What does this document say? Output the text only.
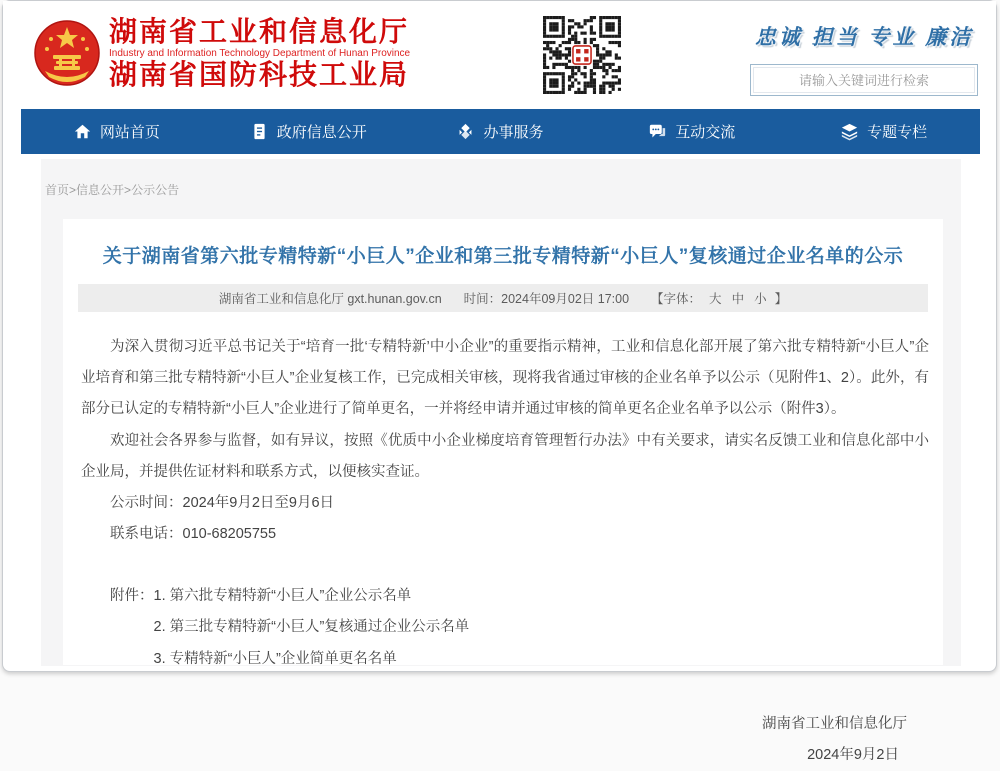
湖南省工业和信息化厅
Industry and Information Technology Department of Hunan Province
湖南省国防科技工业局
忠诚 担当 专业 廉洁
请输入关键词进行检索
网站首页	政府信息公开	办事服务	互动交流	专题专栏
首页>信息公开>公示公告
关于湖南省第六批专精特新“小巨人”企业和第三批专精特新“小巨人”复核通过企业名单的公示
湖南省工业和信息化厅 gxt.hunan.gov.cn 时间：2024年09月02日 17:00 【字体： 大 中 小 】
为深入贯彻习近平总书记关于“培育一批‘专精特新’中小企业”的重要指示精神，工业和信息化部开展了第六批专精特新“小巨人”企业培育和第三批专精特新“小巨人”企业复核工作，已完成相关审核，现将我省通过审核的企业名单予以公示（见附件1、2）。此外，有部分已认定的专精特新“小巨人”企业进行了简单更名，一并将经申请并通过审核的简单更名企业名单予以公示（附件3）。
欢迎社会各界参与监督，如有异议，按照《优质中小企业梯度培育管理暂行办法》中有关要求，请实名反馈工业和信息化部中小企业局，并提供佐证材料和联系方式，以便核实查证。
公示时间：2024年9月2日至9月6日
联系电话：010-68205755
附件：1. 第六批专精特新“小巨人”企业公示名单
2. 第三批专精特新“小巨人”复核通过企业公示名单
3. 专精特新“小巨人”企业简单更名名单
湖南省工业和信息化厅
2024年9月2日
